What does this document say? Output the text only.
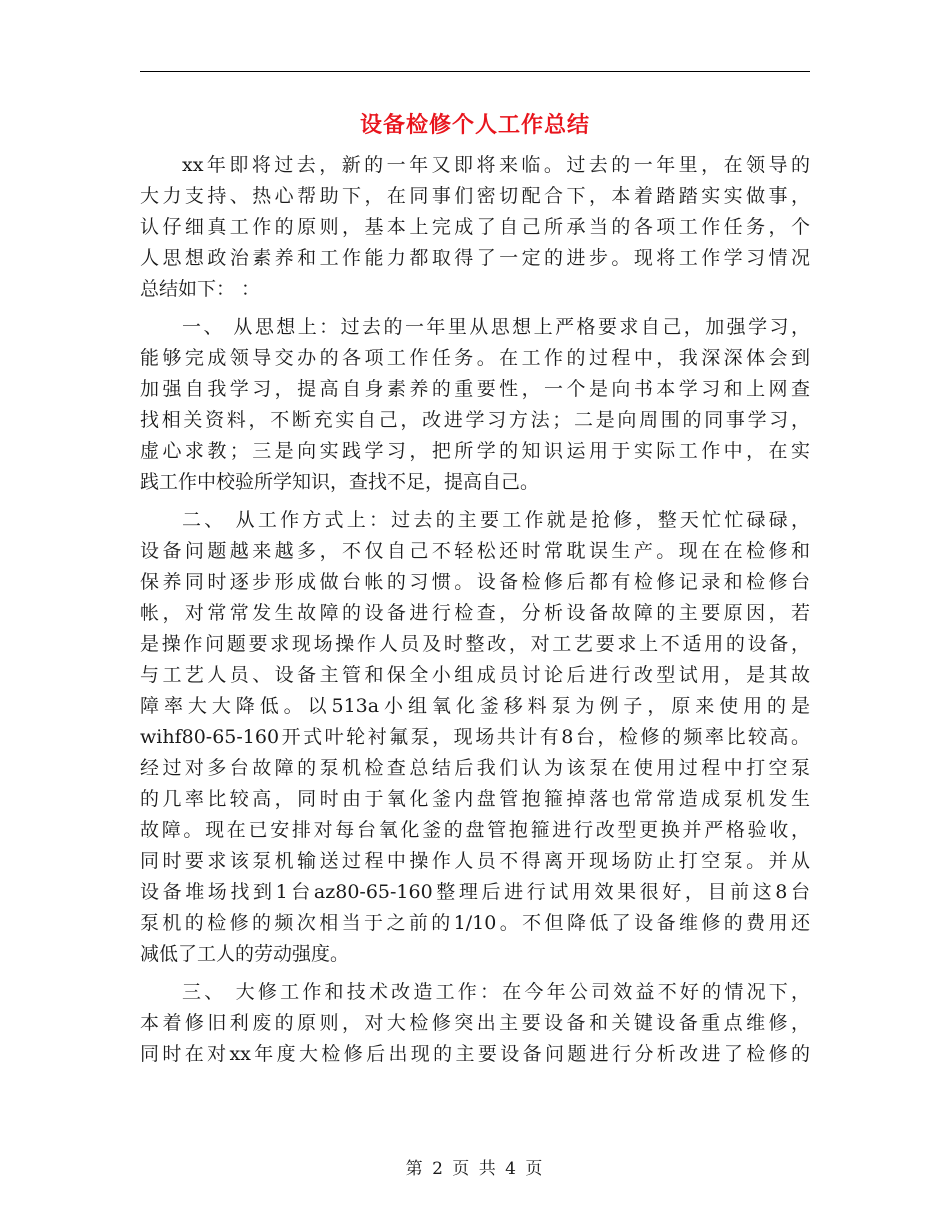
设备检修个人工作总结
xx年即将过去，新的一年又即将来临。过去的一年里，在领导的
大力支持、热心帮助下，在同事们密切配合下，本着踏踏实实做事，
认仔细真工作的原则，基本上完成了自己所承当的各项工作任务，个
人思想政治素养和工作能力都取得了一定的进步。现将工作学习情况
总结如下： ：
一、 从思想上：过去的一年里从思想上严格要求自己，加强学习，
能够完成领导交办的各项工作任务。在工作的过程中，我深深体会到
加强自我学习，提高自身素养的重要性，一个是向书本学习和上网查
找相关资料，不断充实自己，改进学习方法；二是向周围的同事学习，
虚心求教；三是向实践学习，把所学的知识运用于实际工作中，在实
践工作中校验所学知识，查找不足，提高自己。
二、 从工作方式上：过去的主要工作就是抢修，整天忙忙碌碌，
设备问题越来越多，不仅自己不轻松还时常耽误生产。现在在检修和
保养同时逐步形成做台帐的习惯。设备检修后都有检修记录和检修台
帐，对常常发生故障的设备进行检查，分析设备故障的主要原因，若
是操作问题要求现场操作人员及时整改，对工艺要求上不适用的设备，
与工艺人员、设备主管和保全小组成员讨论后进行改型试用，是其故
障率大大降低。以513a小组氧化釜移料泵为例子，原来使用的是
wihf80-65-160开式叶轮衬氟泵，现场共计有8台，检修的频率比较高。
经过对多台故障的泵机检查总结后我们认为该泵在使用过程中打空泵
的几率比较高，同时由于氧化釜内盘管抱箍掉落也常常造成泵机发生
故障。现在已安排对每台氧化釜的盘管抱箍进行改型更换并严格验收，
同时要求该泵机输送过程中操作人员不得离开现场防止打空泵。并从
设备堆场找到1台az80-65-160整理后进行试用效果很好，目前这8台
泵机的检修的频次相当于之前的1/10。不但降低了设备维修的费用还
减低了工人的劳动强度。
三、 大修工作和技术改造工作：在今年公司效益不好的情况下，
本着修旧利废的原则，对大检修突出主要设备和关键设备重点维修，
同时在对xx年度大检修后出现的主要设备问题进行分析改进了检修的
第 2 页 共 4 页
